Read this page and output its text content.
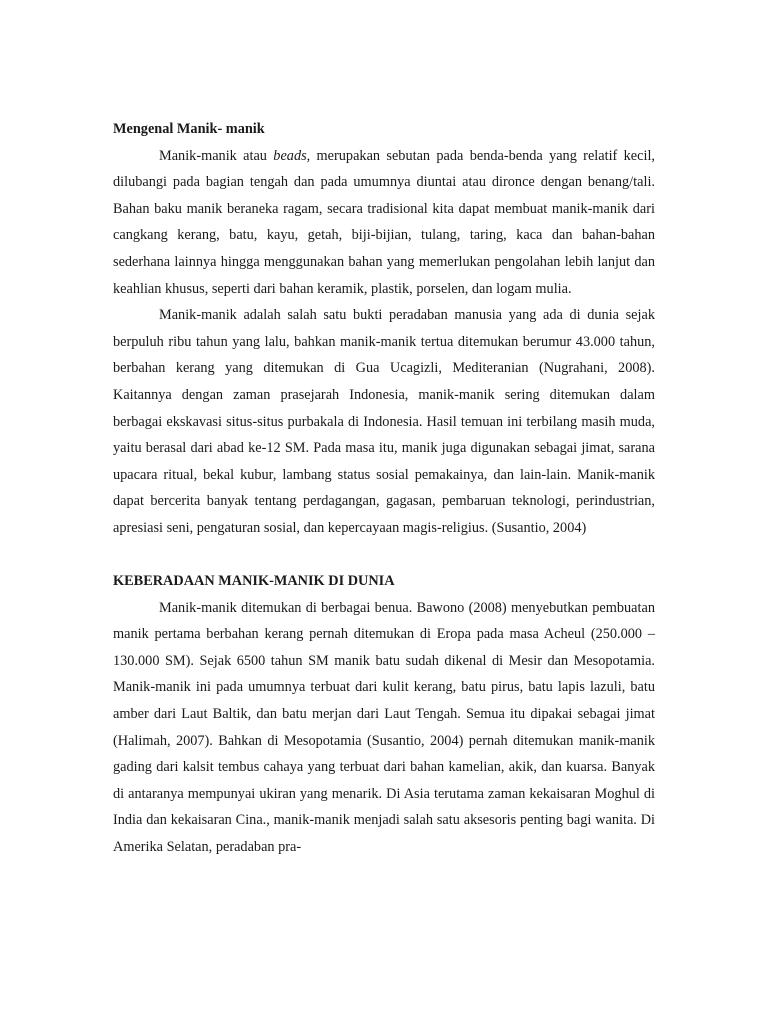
Mengenal Manik- manik

Manik-manik atau beads, merupakan sebutan pada benda-benda yang relatif kecil, dilubangi pada bagian tengah dan pada umumnya diuntai atau dironce dengan benang/tali. Bahan baku manik beraneka ragam, secara tradisional kita dapat membuat manik-manik dari cangkang kerang, batu, kayu, getah, biji-bijian, tulang, taring, kaca dan bahan-bahan sederhana lainnya hingga menggunakan bahan yang memerlukan pengolahan lebih lanjut dan keahlian khusus, seperti dari bahan keramik, plastik, porselen, dan logam mulia.

Manik-manik adalah salah satu bukti peradaban manusia yang ada di dunia sejak berpuluh ribu tahun yang lalu, bahkan manik-manik tertua ditemukan berumur 43.000 tahun, berbahan kerang yang ditemukan di Gua Ucagizli, Mediteranian (Nugrahani, 2008). Kaitannya dengan zaman prasejarah Indonesia, manik-manik sering ditemukan dalam berbagai ekskavasi situs-situs purbakala di Indonesia. Hasil temuan ini terbilang masih muda, yaitu berasal dari abad ke-12 SM. Pada masa itu, manik juga digunakan sebagai jimat, sarana upacara ritual, bekal kubur, lambang status sosial pemakainya, dan lain-lain. Manik-manik dapat bercerita banyak tentang perdagangan, gagasan, pembaruan teknologi, perindustrian, apresiasi seni, pengaturan sosial, dan kepercayaan magis-religius. (Susantio, 2004)

KEBERADAAN MANIK-MANIK DI DUNIA

Manik-manik ditemukan di berbagai benua. Bawono (2008) menyebutkan pembuatan manik pertama berbahan kerang pernah ditemukan di Eropa pada masa Acheul (250.000 – 130.000 SM). Sejak 6500 tahun SM manik batu sudah dikenal di Mesir dan Mesopotamia. Manik-manik ini pada umumnya terbuat dari kulit kerang, batu pirus, batu lapis lazuli, batu amber dari Laut Baltik, dan batu merjan dari Laut Tengah. Semua itu dipakai sebagai jimat (Halimah, 2007). Bahkan di Mesopotamia (Susantio, 2004) pernah ditemukan manik-manik gading dari kalsit tembus cahaya yang terbuat dari bahan kamelian, akik, dan kuarsa. Banyak di antaranya mempunyai ukiran yang menarik. Di Asia terutama zaman kekaisaran Moghul di India dan kekaisaran Cina., manik-manik menjadi salah satu aksesoris penting bagi wanita. Di Amerika Selatan, peradaban pra-
